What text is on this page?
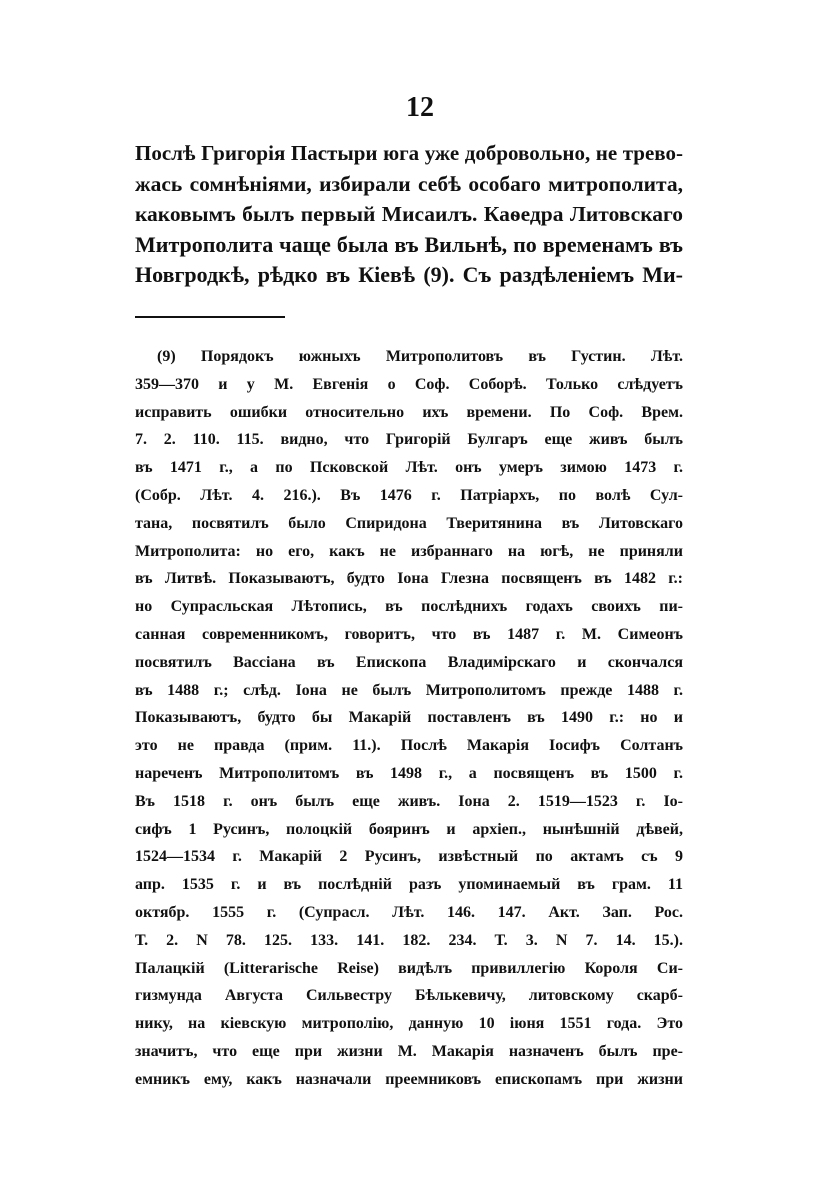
12
Послѣ Григорія Пастыри юга уже добровольно, не трево-
жась сомнѣніями, избирали себѣ особаго митрополита,
каковымъ былъ первый Мисаилъ. Каѳедра Литовскаго
Митрополита чаще была въ Вильнѣ, по временамъ въ
Новгродкѣ, рѣдко въ Кіевѣ (9). Съ раздѣленіемъ Ми-
(9) Порядокъ южныхъ Митрополитовъ въ Густин. Лѣт.
359—370 и у М. Евгенія о Соф. Соборѣ. Только слѣдуетъ
исправить ошибки относительно ихъ времени. По Соф. Врем.
7. 2. 110. 115. видно, что Григорій Булгаръ еще живъ былъ
въ 1471 г., а по Псковской Лѣт. онъ умеръ зимою 1473 г.
(Собр. Лѣт. 4. 216.). Въ 1476 г. Патріархъ, по волѣ Сул-
тана, посвятилъ было Спиридона Тверитянина въ Литовскаго
Митрополита: но его, какъ не избраннаго на югѣ, не приняли
въ Литвѣ. Показываютъ, будто Іона Глезна посвященъ въ 1482 г.:
но Супрасльская Лѣтопись, въ послѣднихъ годахъ своихъ пи-
санная современникомъ, говоритъ, что въ 1487 г. М. Симеонъ
посвятилъ Вассіана въ Епископа Владимірскаго и скончался
въ 1488 г.; слѣд. Іона не былъ Митрополитомъ прежде 1488 г.
Показываютъ, будто бы Макарій поставленъ въ 1490 г.: но и
это не правда (прим. 11.). Послѣ Макарія Іосифъ Солтанъ
нареченъ Митрополитомъ въ 1498 г., а посвященъ въ 1500 г.
Въ 1518 г. онъ былъ еще живъ. Іона 2. 1519—1523 г. Іо-
сифъ 1 Русинъ, полоцкій бояринъ и архіеп., нынѣшній дѣвей,
1524—1534 г. Макарій 2 Русинъ, извѣстный по актамъ съ 9
апр. 1535 г. и въ послѣдній разъ упоминаемый въ грам. 11
октябр. 1555 г. (Супрасл. Лѣт. 146. 147. Акт. Зап. Рос.
Т. 2. N 78. 125. 133. 141. 182. 234. Т. 3. N 7. 14. 15.).
Палацкій (Litterarische Reise) видѣлъ привиллегію Короля Си-
гизмунда Августа Сильвестру Бѣлькевичу, литовскому скарб-
нику, на кіевскую митрополію, данную 10 іюня 1551 года. Это
значитъ, что еще при жизни М. Макарія назначенъ былъ пре-
емникъ ему, какъ назначали преемниковъ епископамъ при жизни
